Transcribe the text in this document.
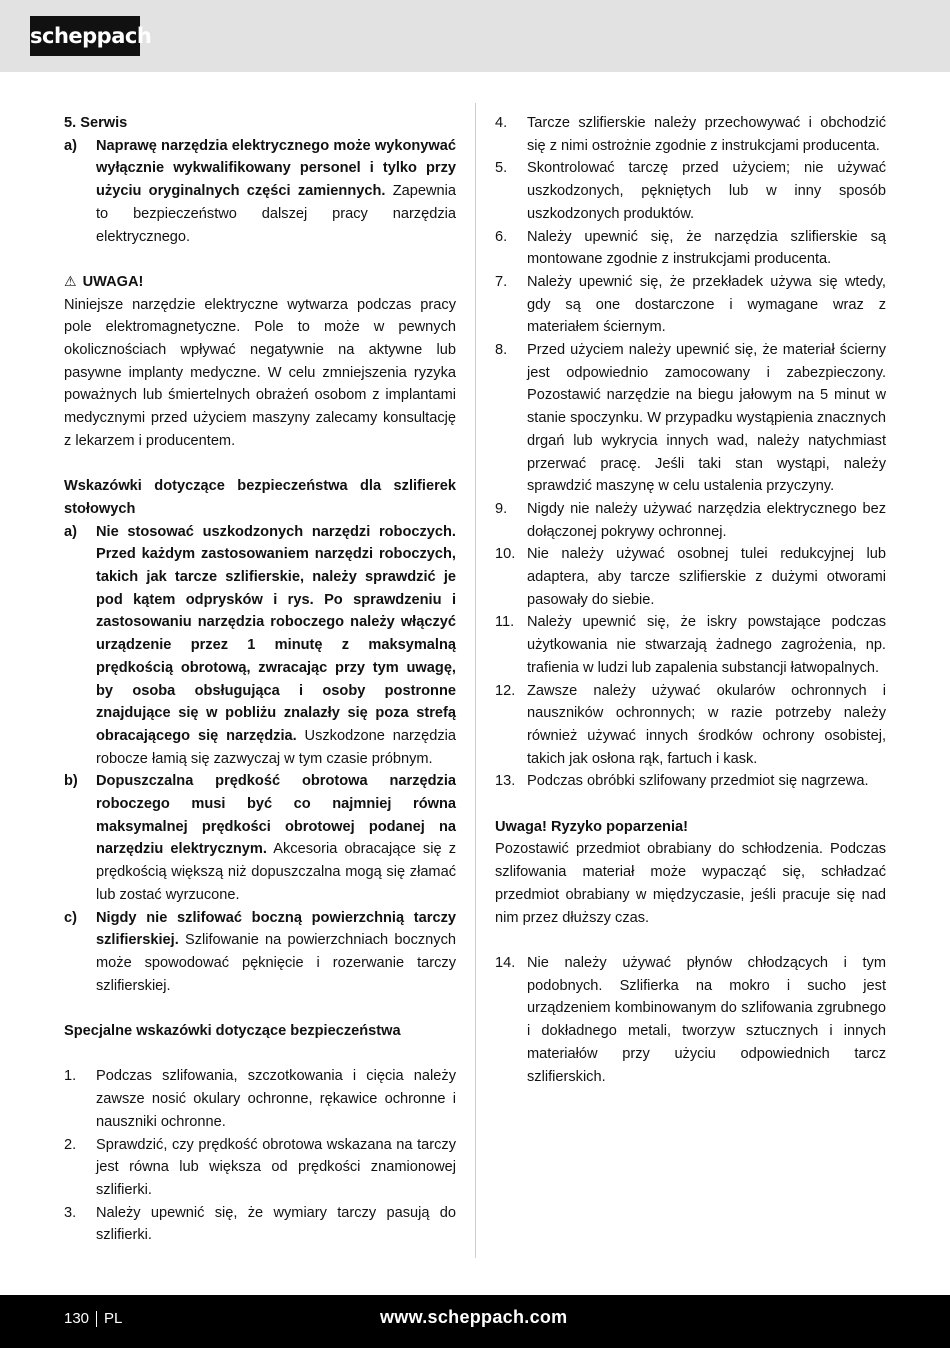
scheppach

5. Serwis

a)	Naprawę narzędzia elektrycznego może wykonywać wyłącznie wykwalifikowany personel i tylko przy użyciu oryginalnych części zamiennych. Zapewnia to bezpieczeństwo dalszej pracy narzędzia elektrycznego.

⚠ UWAGA!

Niniejsze narzędzie elektryczne wytwarza podczas pracy pole elektromagnetyczne. Pole to może w pewnych okolicznościach wpływać negatywnie na aktywne lub pasywne implanty medyczne. W celu zmniejszenia ryzyka poważnych lub śmiertelnych obrażeń osobom z implantami medycznymi przed użyciem maszyny zalecamy konsultację z lekarzem i producentem.

Wskazówki dotyczące bezpieczeństwa dla szlifierek stołowych

a)	Nie stosować uszkodzonych narzędzi roboczych. Przed każdym zastosowaniem narzędzi roboczych, takich jak tarcze szlifierskie, należy sprawdzić je pod kątem odprysków i rys. Po sprawdzeniu i zastosowaniu narzędzia roboczego należy włączyć urządzenie przez 1 minutę z maksymalną prędkością obrotową, zwracając przy tym uwagę, by osoba obsługująca i osoby postronne znajdujące się w pobliżu znalazły się poza strefą obracającego się narzędzia. Uszkodzone narzędzia robocze łamią się zazwyczaj w tym czasie próbnym.
b)	Dopuszczalna prędkość obrotowa narzędzia roboczego musi być co najmniej równa maksymalnej prędkości obrotowej podanej na narzędziu elektrycznym. Akcesoria obracające się z prędkością większą niż dopuszczalna mogą się złamać lub zostać wyrzucone.
c)	Nigdy nie szlifować boczną powierzchnią tarczy szlifierskiej. Szlifowanie na powierzchniach bocznych może spowodować pęknięcie i rozerwanie tarczy szlifierskiej.

Specjalne wskazówki dotyczące bezpieczeństwa

1.	Podczas szlifowania, szczotkowania i cięcia należy zawsze nosić okulary ochronne, rękawice ochronne i nauszniki ochronne.
2.	Sprawdzić, czy prędkość obrotowa wskazana na tarczy jest równa lub większa od prędkości znamionowej szlifierki.
3.	Należy upewnić się, że wymiary tarczy pasują do szlifierki.
4.	Tarcze szlifierskie należy przechowywać i obchodzić się z nimi ostrożnie zgodnie z instrukcjami producenta.
5.	Skontrolować tarczę przed użyciem; nie używać uszkodzonych, pękniętych lub w inny sposób uszkodzonych produktów.
6.	Należy upewnić się, że narzędzia szlifierskie są montowane zgodnie z instrukcjami producenta.
7.	Należy upewnić się, że przekładek używa się wtedy, gdy są one dostarczone i wymagane wraz z materiałem ściernym.
8.	Przed użyciem należy upewnić się, że materiał ścierny jest odpowiednio zamocowany i zabezpieczony. Pozostawić narzędzie na biegu jałowym na 5 minut w stanie spoczynku. W przypadku wystąpienia znacznych drgań lub wykrycia innych wad, należy natychmiast przerwać pracę. Jeśli taki stan wystąpi, należy sprawdzić maszynę w celu ustalenia przyczyny.
9.	Nigdy nie należy używać narzędzia elektrycznego bez dołączonej pokrywy ochronnej.
10. Nie należy używać osobnej tulei redukcyjnej lub adaptera, aby tarcze szlifierskie z dużymi otworami pasowały do siebie.
11. Należy upewnić się, że iskry powstające podczas użytkowania nie stwarzają żadnego zagrożenia, np. trafienia w ludzi lub zapalenia substancji łatwopalnych.
12. Zawsze należy używać okularów ochronnych i nauszników ochronnych; w razie potrzeby należy również używać innych środków ochrony osobistej, takich jak osłona rąk, fartuch i kask.
13. Podczas obróbki szlifowany przedmiot się nagrzewa.

Uwaga! Ryzyko poparzenia!

Pozostawić przedmiot obrabiany do schłodzenia. Podczas szlifowania materiał może wypacząć się, schładzać przedmiot obrabiany w międzyczasie, jeśli pracuje się nad nim przez dłuższy czas.

14. Nie należy używać płynów chłodzących i tym podobnych. Szlifierka na mokro i sucho jest urządzeniem kombinowanym do szlifowania zgrubnego i dokładnego metali, tworzyw sztucznych i innych materiałów przy użyciu odpowiednich tarcz szlifierskich.
130 PL	www.scheppach.com
